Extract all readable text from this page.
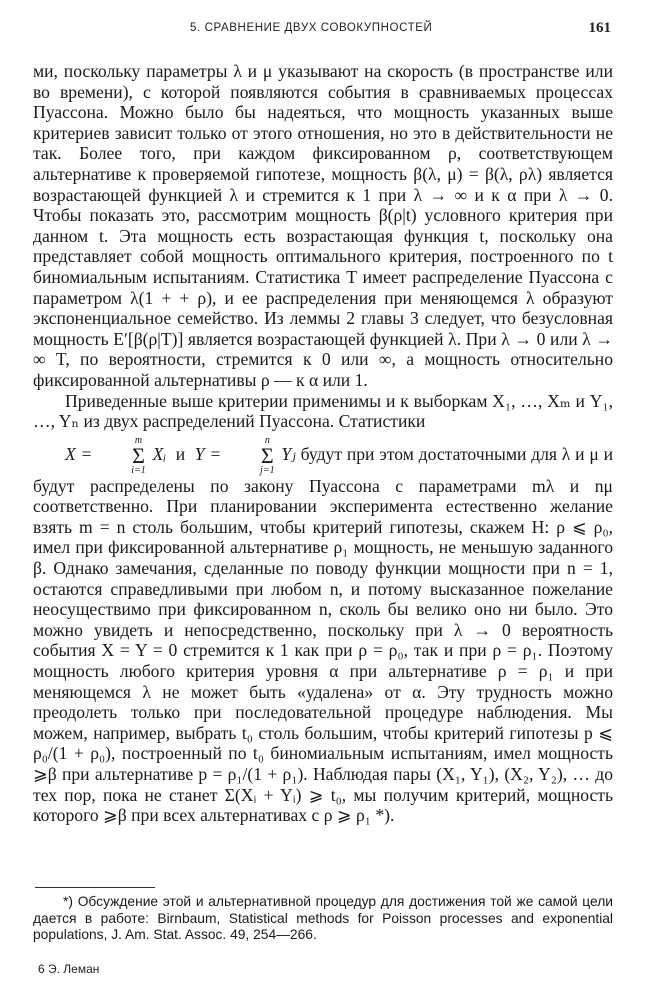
5. СРАВНЕНИЕ ДВУХ СОВОКУПНОСТЕЙ	161

ми, поскольку параметры λ и μ указывают на скорость (в пространстве или во времени), с которой появляются события в сравниваемых процессах Пуассона. Можно было бы надеяться, что мощность указанных выше критериев зависит только от этого отношения, но это в действительности не так. Более того, при каждом фиксированном ρ, соответствующем альтернативе к проверяемой гипотезе, мощность β(λ, μ) = β(λ, ρλ) является возрастающей функцией λ и стремится к 1 при λ → ∞ и к α при λ → 0. Чтобы показать это, рассмотрим мощность β(ρ|t) условного критерия при данном t. Эта мощность есть возрастающая функция t, поскольку она представляет собой мощность оптимального критерия, построенного по t биномиальным испытаниям. Статистика T имеет распределение Пуассона с параметром λ(1 + + ρ), и ее распределения при меняющемся λ образуют экспоненциальное семейство. Из леммы 2 главы 3 следует, что безусловная мощность Eʹ[β(ρ|T)] является возрастающей функцией λ. При λ → 0 или λ → ∞ T, по вероятности, стремится к 0 или ∞, а мощность относительно фиксированной альтернативы ρ — к α или 1.

Приведенные выше критерии применимы и к выборкам X₁, …, Xₘ и Y₁, …, Yₙ из двух распределений Пуассона. Статистики
X =
m
Σ
i=1
Xᵢ и Y =
n
Σ
j=1
Yⱼ будут при этом достаточными для λ и μ и будут распределены по закону Пуассона с параметрами mλ и nμ соответственно. При планировании эксперимента естественно желание взять m = n столь большим, чтобы критерий гипотезы, скажем H: ρ ⩽ ρ₀, имел при фиксированной альтернативе ρ₁ мощность, не меньшую заданного β. Однако замечания, сделанные по поводу функции мощности при n = 1, остаются справедливыми при любом n, и потому высказанное пожелание неосуществимо при фиксированном n, сколь бы велико оно ни было. Это можно увидеть и непосредственно, поскольку при λ → 0 вероятность события X = Y = 0 стремится к 1 как при ρ = ρ₀, так и при ρ = ρ₁. Поэтому мощность любого критерия уровня α при альтернативе ρ = ρ₁ и при меняющемся λ не может быть «удалена» от α. Эту трудность можно преодолеть только при последовательной процедуре наблюдения. Мы можем, например, выбрать t₀ столь большим, чтобы критерий гипотезы p ⩽ ρ₀/(1 + ρ₀), построенный по t₀ биномиальным испытаниям, имел мощность ⩾β при альтернативе p = ρ₁/(1 + ρ₁). Наблюдая пары (X₁, Y₁), (X₂, Y₂), … до тех пор, пока не станет Σ(Xᵢ + Yᵢ) ⩾ t₀, мы получим критерий, мощность которого ⩾β при всех альтернативах с ρ ⩾ ρ₁ *).

*) Обсуждение этой и альтернативной процедур для достижения той же самой цели дается в работе: Birnbaum, Statistical methods for Poisson processes and exponential populations, J. Am. Stat. Assoc. 49, 254—266.
6 Э. Леман
